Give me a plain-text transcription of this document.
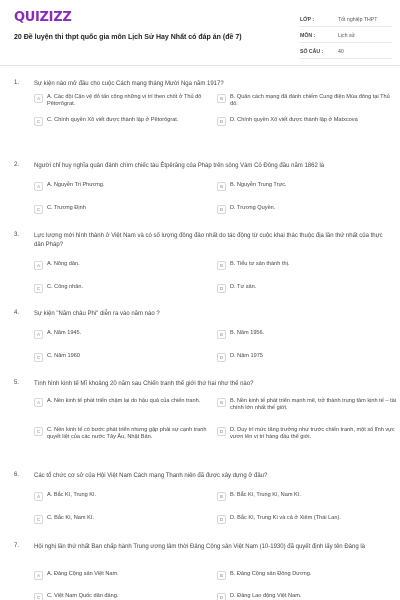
QUIZIZZ
20 Đề luyện thi thpt quốc gia môn Lịch Sử Hay Nhất có đáp án (đề 7)
LỚP :	Tốt nghiệp THPT
MÔN :	Lịch sử
SỐ CÂU :	40
1. Sự kiện nào mở đầu cho cuộc Cách mạng tháng Mười Nga năm 1917?
A	A. Các đội Cận vệ đỏ tấn công những vị trí then chốt ở Thủ đô Pêtơrôgrat.
B	B. Quân cách mạng đã đánh chiếm Cung điện Mùa đông tại Thủ đô.
C	C. Chính quyền Xô viết được thành lập ở Pêtorôgrat.	D	D. Chính quyền Xô viết được thành lập ở Matxcova
2. Người chỉ huy nghĩa quân đánh chìm chiếc tàu Étpêrăng của Pháp trên sông Vàm Cỏ Đông đầu năm 1862 là
A	A. Nguyễn Tri Phương.	B	B. Nguyễn Trung Trực.
C	C. Trương Định	D	D. Trương Quyền.
3. Lực lượng mới hình thành ở Việt Nam và có số lượng đông đảo nhất do tác động từ cuộc khai thác thuộc địa lần thứ nhất của thực dân Pháp?
A	A. Nông dân.	B	B. Tiểu tư sản thành thị.
C	C. Công nhân.	D	D. Tư sản.
4. Sự kiện "Năm châu Phi" diễn ra vào năm nào ?
A	A. Năm 1945.	B	B. Năm 1956.
C	C. Năm 1960	D	D. Năm 1975
5. Tình hình kinh tế Mĩ khoảng 20 năm sau Chiến tranh thế giới thứ hai như thế nào?
A	A. Nền kinh tế phát triển chậm lại do hậu quả của chiến tranh.	B	B. Nền kinh tế phát triển mạnh mẽ, trở thành trung tâm kinh tế – tài chính lớn nhất thế giới.
C	C. Nền kinh tế có bước phát triển nhưng gặp phải sự cạnh tranh quyết liệt của các nước Tây Âu, Nhật Bản.
D	D. Duy trì mức tăng trưởng như trước chiến tranh, một số lĩnh vực vươn lên vị trí hàng đầu thế giới.
6. Các tổ chức cơ sở của Hội Việt Nam Cách mạng Thanh niên đã được xây dựng ở đâu?
A	A. Bắc Kì, Trung Kì.	B	B. Bắc Kì, Trung Kì, Nam Kì.
C	C. Bắc Kì, Nam Kì.	D	D. Bắc Kì, Trung Kì và cả ở Xiêm (Thái Lan).
7. Hội nghị lần thứ nhất Ban chấp hành Trung ương lâm thời Đảng Cộng sản Việt Nam (10-1930) đã quyết định lấy tên Đảng là
A	A. Đảng Cộng sản Việt Nam.	B	B. Đảng Cộng sản Đông Dương.
C	C. Việt Nam Quốc dân đảng.	D	D. Đảng Lao động Việt Nam.
